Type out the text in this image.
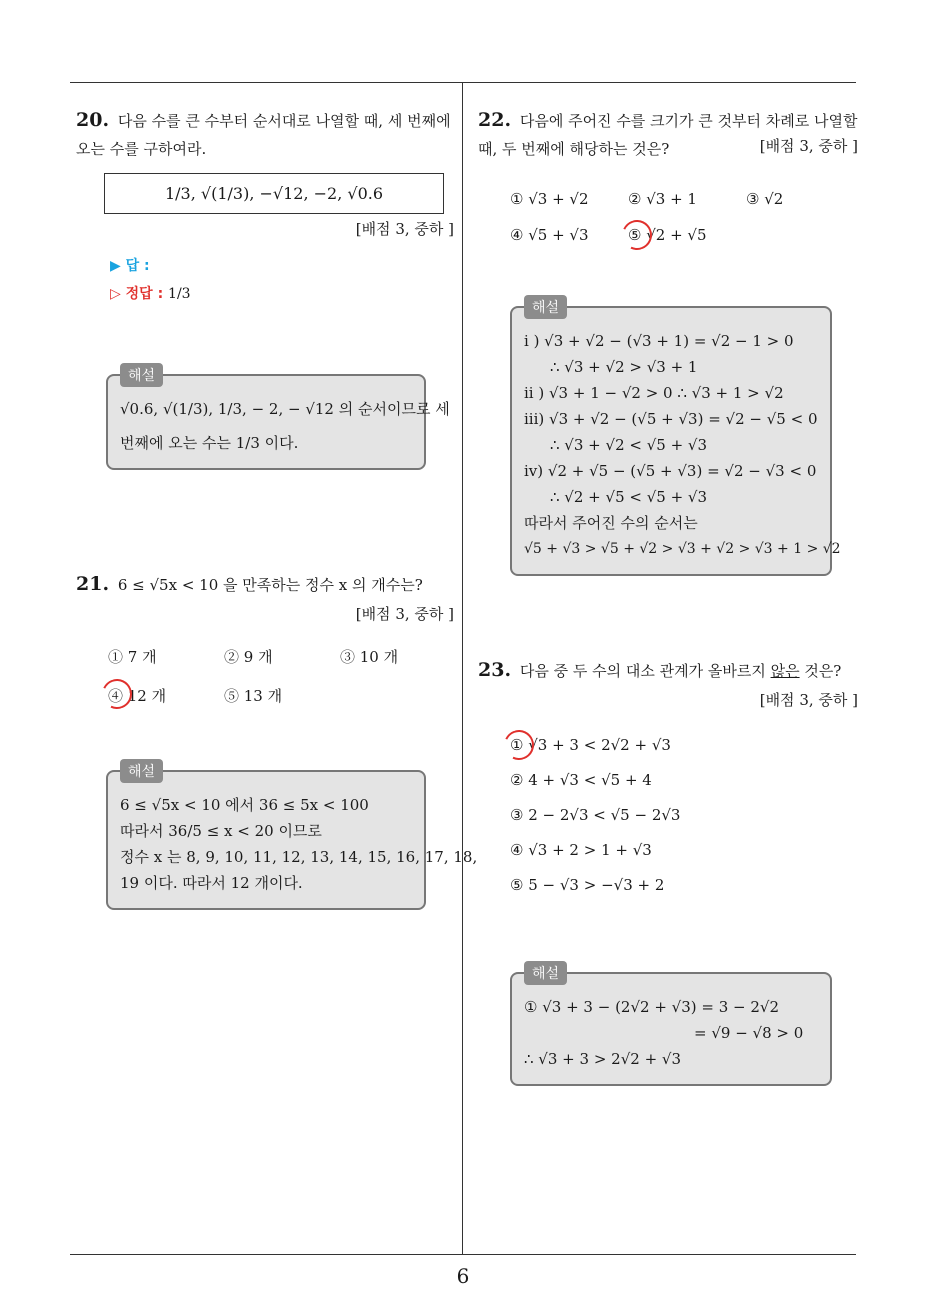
6
20. 다음 수를 큰 수부터 순서대로 나열할 때, 세 번째에 오는 수를 구하여라.
1/3, √(1/3), −√12, −2, √0.6
[배점 3, 중하 ]
▶ 답 :
▷ 정답 : 1/3
해설
√0.6, √(1/3), 1/3, − 2, − √12 의 순서이므로 세
번째에 오는 수는 1/3 이다.
21. 6 ≤ √5x < 10 을 만족하는 정수 x 의 개수는?
[배점 3, 중하 ]
① 7 개	② 9 개	③ 10 개
④ 12 개	⑤ 13 개
해설
6 ≤ √5x < 10 에서 36 ≤ 5x < 100
따라서 36/5 ≤ x < 20 이므로
정수 x 는 8, 9, 10, 11, 12, 13, 14, 15, 16, 17, 18,
19 이다. 따라서 12 개이다.
22. 다음에 주어진 수를 크기가 큰 것부터 차례로 나열할 때, 두 번째에 해당하는 것은?	[배점 3, 중하 ]
① √3 + √2	② √3 + 1	③ √2
④ √5 + √3	⑤ √2 + √5
해설
i ) √3 + √2 − (√3 + 1) = √2 − 1 > 0
∴ √3 + √2 > √3 + 1
ii ) √3 + 1 − √2 > 0 ∴ √3 + 1 > √2
iii) √3 + √2 − (√5 + √3) = √2 − √5 < 0
∴ √3 + √2 < √5 + √3
iv) √2 + √5 − (√5 + √3) = √2 − √3 < 0
∴ √2 + √5 < √5 + √3
따라서 주어진 수의 순서는
√5 + √3 > √5 + √2 > √3 + √2 > √3 + 1 > √2
23. 다음 중 두 수의 대소 관계가 올바르지 않은 것은?
[배점 3, 중하 ]
① √3 + 3 < 2√2 + √3
② 4 + √3 < √5 + 4
③ 2 − 2√3 < √5 − 2√3
④ √3 + 2 > 1 + √3
⑤ 5 − √3 > −√3 + 2
해설
① √3 + 3 − (2√2 + √3) = 3 − 2√2
= √9 − √8 > 0
∴ √3 + 3 > 2√2 + √3
